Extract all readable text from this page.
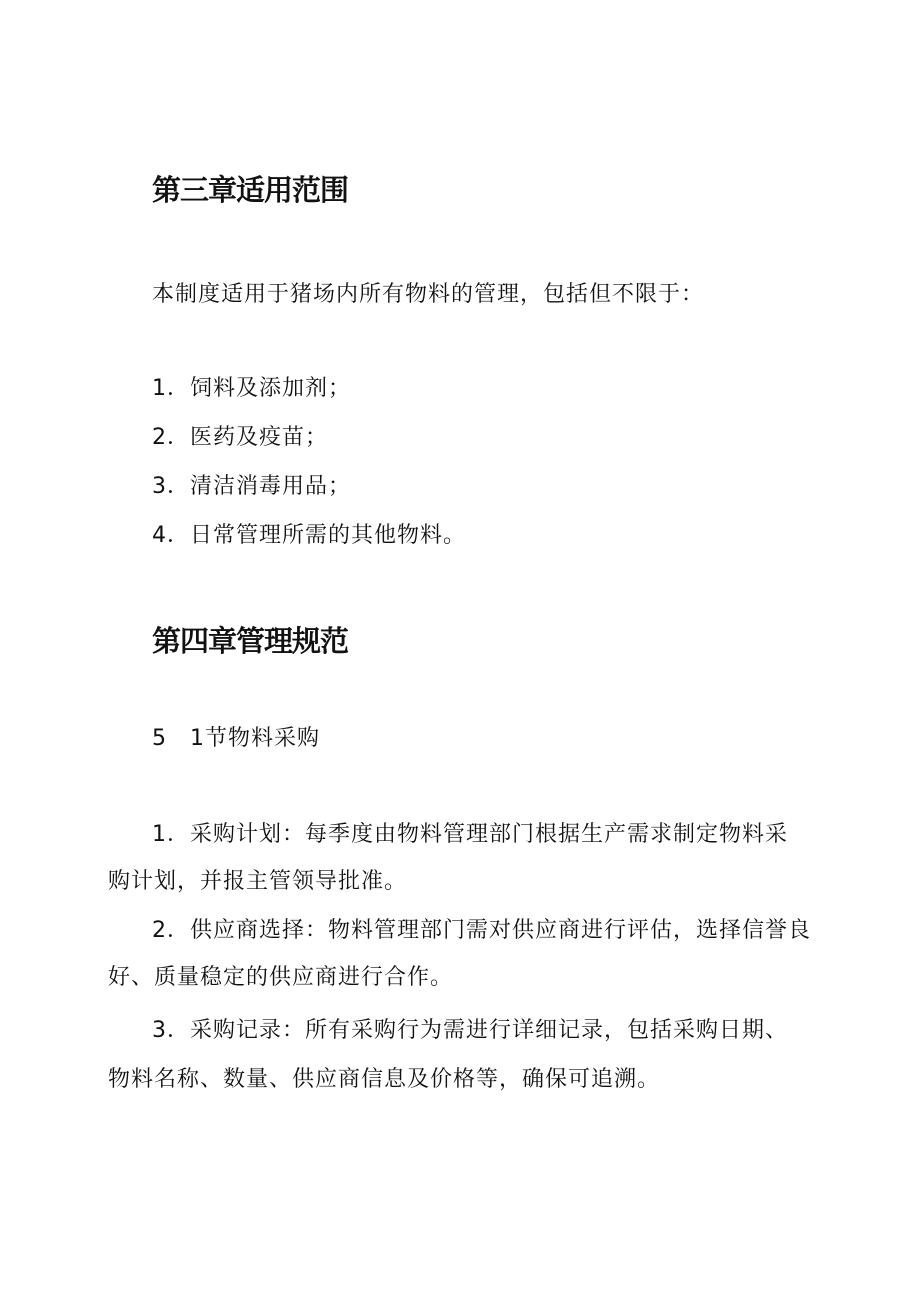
第三章适用范围
本制度适用于猪场内所有物料的管理，包括但不限于：
1．饲料及添加剂；
2．医药及疫苗；
3．清洁消毒用品；
4．日常管理所需的其他物料。
第四章管理规范
5　1节物料采购
1．采购计划：每季度由物料管理部门根据生产需求制定物料采
购计划，并报主管领导批准。
2．供应商选择：物料管理部门需对供应商进行评估，选择信誉良
好、质量稳定的供应商进行合作。
3．采购记录：所有采购行为需进行详细记录，包括采购日期、
物料名称、数量、供应商信息及价格等，确保可追溯。
